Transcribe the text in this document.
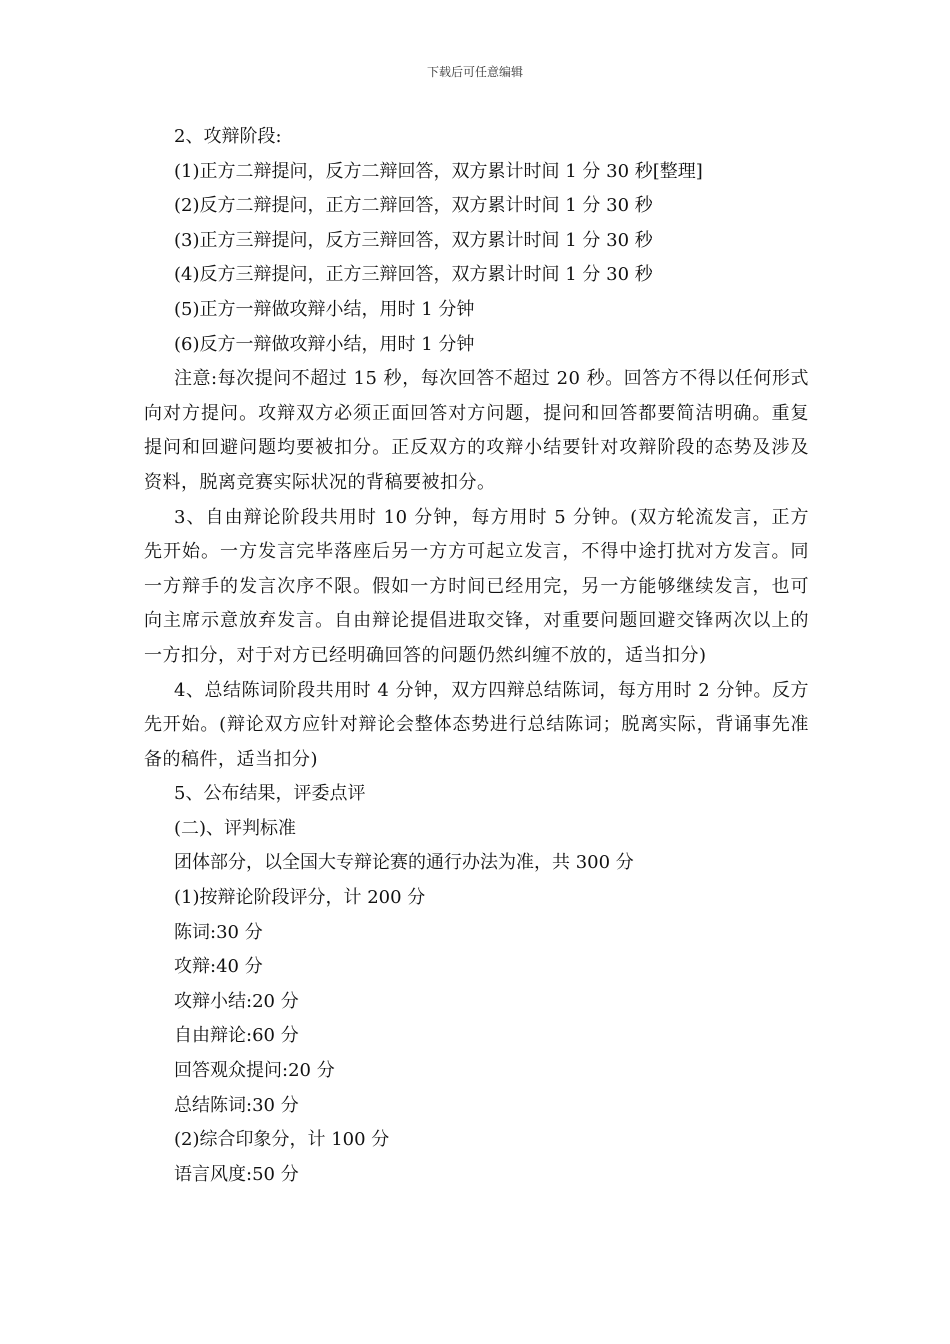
下载后可任意编辑

2、攻辩阶段:

(1)正方二辩提问，反方二辩回答，双方累计时间 1 分 30 秒[整理]

(2)反方二辩提问，正方二辩回答，双方累计时间 1 分 30 秒

(3)正方三辩提问，反方三辩回答，双方累计时间 1 分 30 秒

(4)反方三辩提问，正方三辩回答，双方累计时间 1 分 30 秒

(5)正方一辩做攻辩小结，用时 1 分钟

(6)反方一辩做攻辩小结，用时 1 分钟

注意:每次提问不超过 15 秒，每次回答不超过 20 秒。回答方不得以任何形式向对方提问。攻辩双方必须正面回答对方问题，提问和回答都要简洁明确。重复提问和回避问题均要被扣分。正反双方的攻辩小结要针对攻辩阶段的态势及涉及资料，脱离竞赛实际状况的背稿要被扣分。

3、自由辩论阶段共用时 10 分钟，每方用时 5 分钟。(双方轮流发言，正方先开始。一方发言完毕落座后另一方方可起立发言，不得中途打扰对方发言。同一方辩手的发言次序不限。假如一方时间已经用完，另一方能够继续发言，也可向主席示意放弃发言。自由辩论提倡进取交锋，对重要问题回避交锋两次以上的一方扣分，对于对方已经明确回答的问题仍然纠缠不放的，适当扣分)

4、总结陈词阶段共用时 4 分钟，双方四辩总结陈词，每方用时 2 分钟。反方先开始。(辩论双方应针对辩论会整体态势进行总结陈词；脱离实际，背诵事先准备的稿件，适当扣分)

5、公布结果，评委点评

(二)、评判标准

团体部分，以全国大专辩论赛的通行办法为准，共 300 分

(1)按辩论阶段评分，计 200 分

陈词:30 分

攻辩:40 分

攻辩小结:20 分

自由辩论:60 分

回答观众提问:20 分

总结陈词:30 分

(2)综合印象分，计 100 分

语言风度:50 分
